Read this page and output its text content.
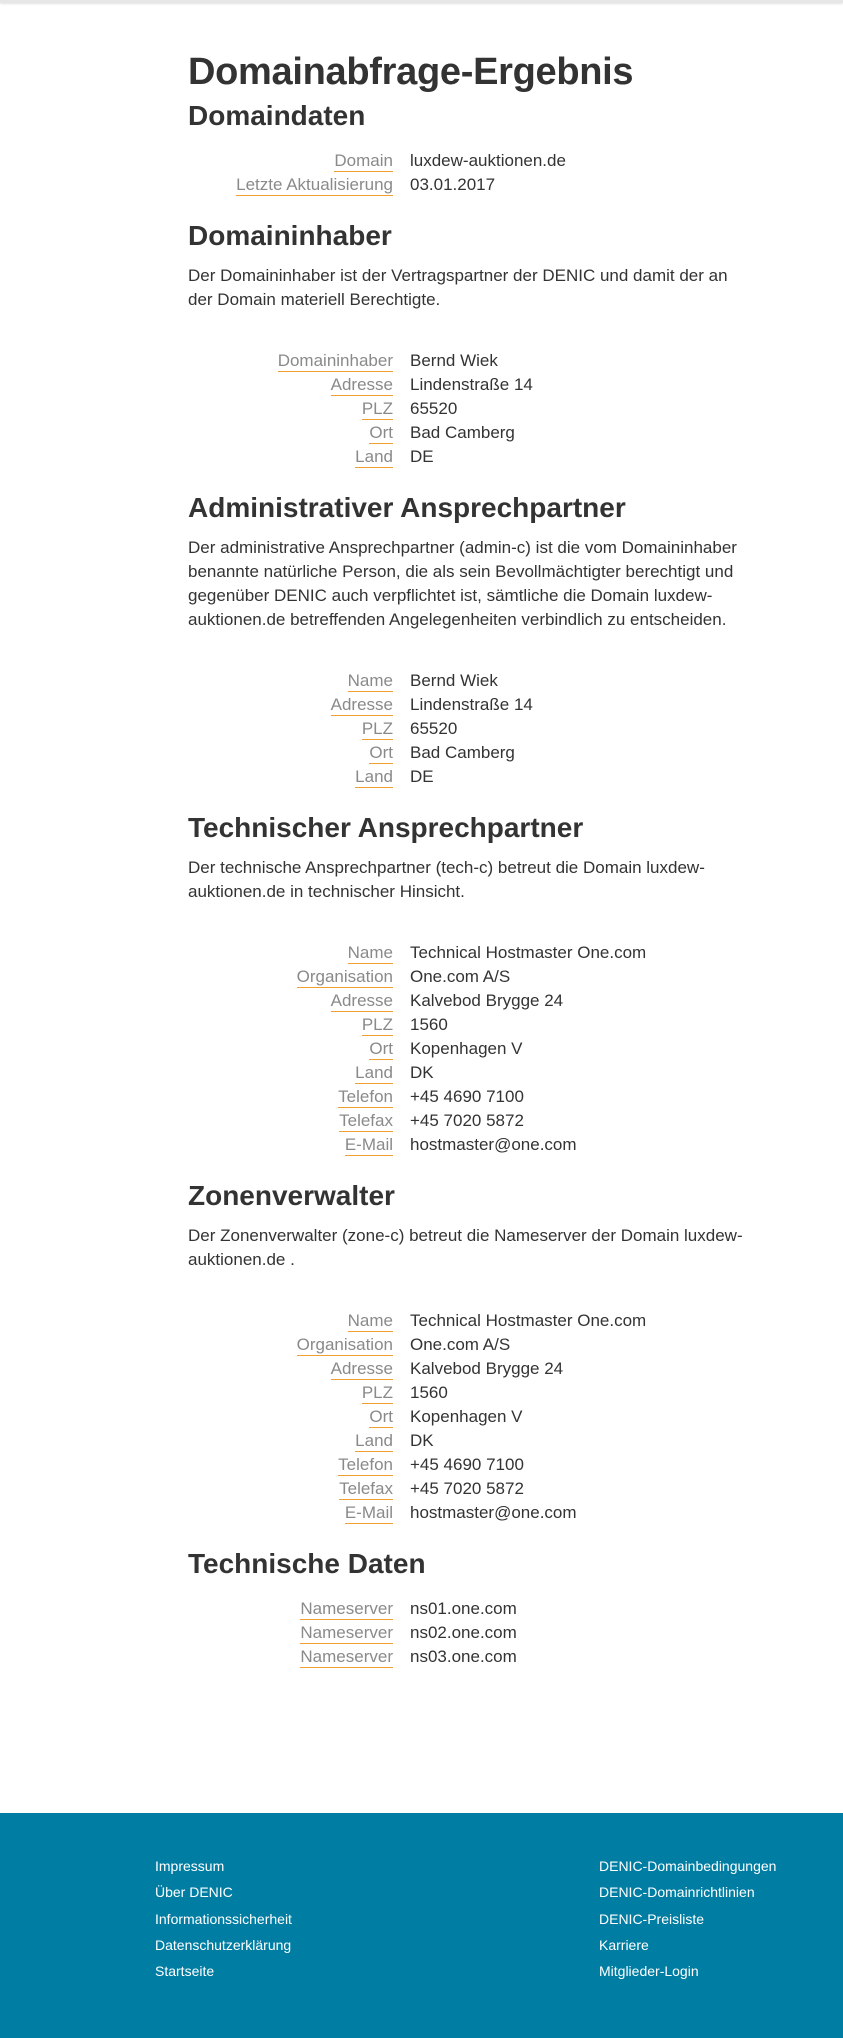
Domainabfrage-Ergebnis
Domaindaten
Domain luxdew-auktionen.de
Letzte Aktualisierung 03.01.2017
Domaininhaber

Der Domaininhaber ist der Vertragspartner der DENIC und damit der an der Domain materiell Berechtigte.

Domaininhaber Bernd Wiek
Adresse Lindenstraße 14
PLZ 65520
Ort Bad Camberg
Land DE
Administrativer Ansprechpartner

Der administrative Ansprechpartner (admin-c) ist die vom Domaininhaber benannte natürliche Person, die als sein Bevollmächtigter berechtigt und gegenüber DENIC auch verpflichtet ist, sämtliche die Domain luxdew-auktionen.de betreffenden Angelegenheiten verbindlich zu entscheiden.

Name Bernd Wiek
Adresse Lindenstraße 14
PLZ 65520
Ort Bad Camberg
Land DE
Technischer Ansprechpartner

Der technische Ansprechpartner (tech-c) betreut die Domain luxdew-auktionen.de in technischer Hinsicht.

Name Technical Hostmaster One.com
Organisation One.com A/S
Adresse Kalvebod Brygge 24
PLZ 1560
Ort Kopenhagen V
Land DK
Telefon +45 4690 7100
Telefax +45 7020 5872
E-Mail hostmaster@one.com
Zonenverwalter

Der Zonenverwalter (zone-c) betreut die Nameserver der Domain luxdew-auktionen.de .

Name Technical Hostmaster One.com
Organisation One.com A/S
Adresse Kalvebod Brygge 24
PLZ 1560
Ort Kopenhagen V
Land DK
Telefon +45 4690 7100
Telefax +45 7020 5872
E-Mail hostmaster@one.com
Technische Daten
Nameserver ns01.one.com
Nameserver ns02.one.com
Nameserver ns03.one.com
Impressum
Über DENIC
Informationssicherheit
Datenschutzerklärung
Startseite
DENIC-Domainbedingungen
DENIC-Domainrichtlinien
DENIC-Preisliste
Karriere
Mitglieder-Login
